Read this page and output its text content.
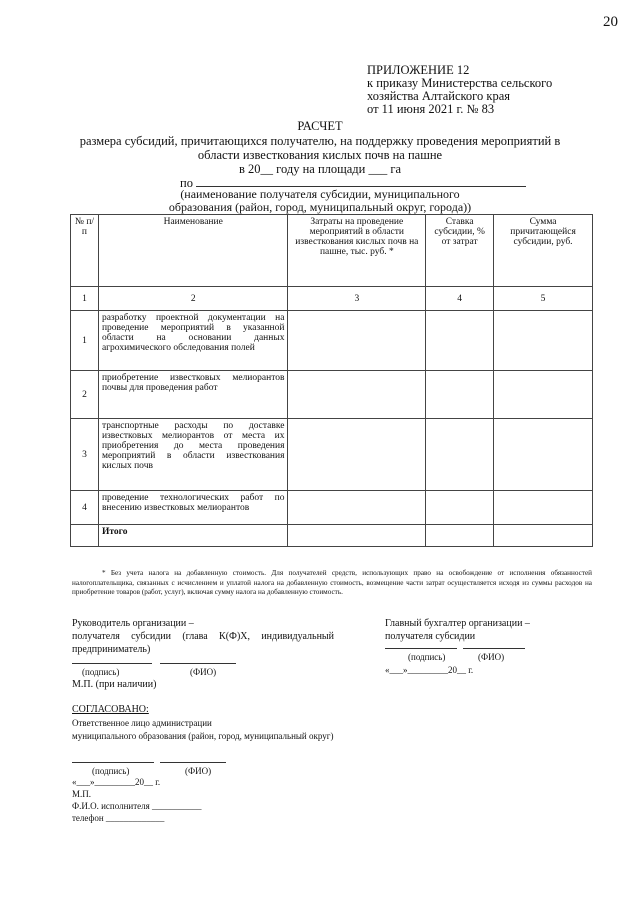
20
ПРИЛОЖЕНИЕ 12
к приказу Министерства сельского
хозяйства Алтайского края
от 11 июня 2021 г. № 83
РАСЧЕТ
размера субсидий, причитающихся получателю, на поддержку проведения мероприятий в
области известкования кислых почв на пашне
в 20__ году на площади ___ га
по
(наименование получателя субсидии, муниципального
образования (район, город, муниципальный округ, города))
№ п/п	Наименование	Затраты на проведение мероприятий в области известкования кислых почв на пашне, тыс. руб. *	Ставка субсидии, % от затрат	Сумма причитающейся субсидии, руб.
1	2	3	4	5
1	разработку проектной документации на проведение мероприятий в указанной области на основании данных агрохимического обследования полей			
2	приобретение известковых мелиорантов почвы для проведения работ			
3	транспортные расходы по доставке известковых мелиорантов от места их приобретения до места проведения мероприятий в области известкования кислых почв			
4	проведение технологических работ по внесению известковых мелиорантов			
	Итого			
* Без учета налога на добавленную стоимость. Для получателей средств, использующих право на освобождение от исполнения обязанностей налогоплательщика, связанных с исчислением и уплатой налога на добавленную стоимость, возмещение части затрат осуществляется исходя из суммы расходов на приобретение товаров (работ, услуг), включая сумму налога на добавленную стоимость.
Руководитель организации –
получателя субсидии (глава К(Ф)Х, индивидуальный предприниматель)
(подпись)	(ФИО)
М.П. (при наличии)
Главный бухгалтер организации –
получателя субсидии
(подпись)	(ФИО)
«___»_________20__ г.
СОГЛАСОВАНО:
Ответственное лицо администрации
муниципального образования (район, город, муниципальный округ)
(подпись)	(ФИО)
«___»_________20__ г.
М.П.
Ф.И.О. исполнителя ___________
телефон _____________
